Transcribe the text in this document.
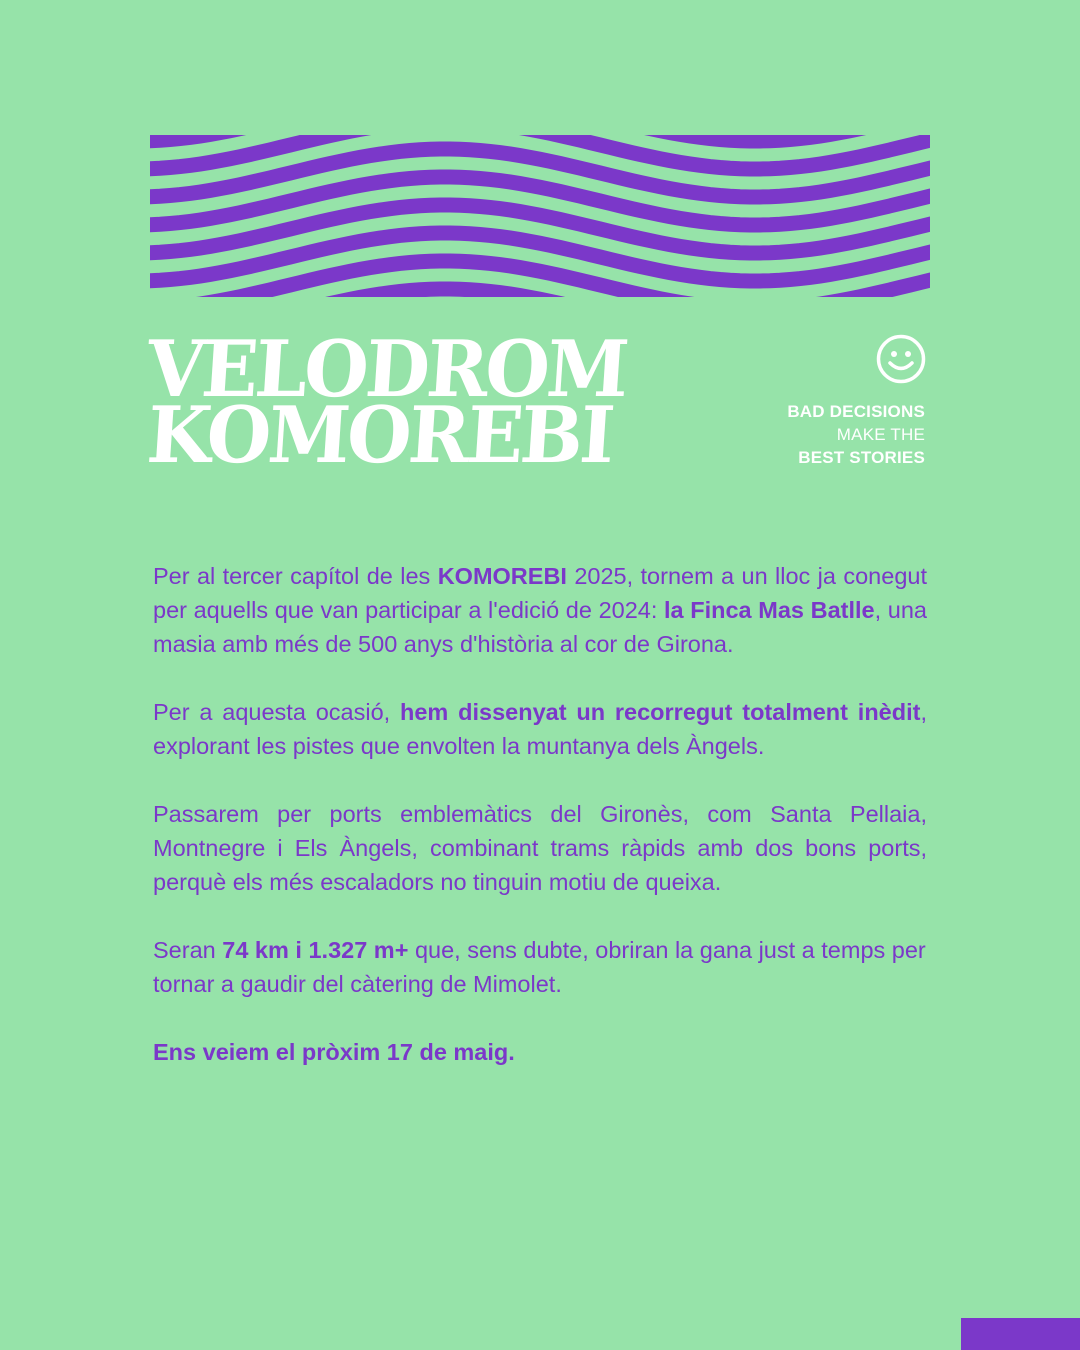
VELODROM
KOMOREBI	BAD DECISIONS
MAKE THE
BEST STORIES

Per al tercer capítol de les KOMOREBI 2025, tornem a un lloc ja conegut per aquells que van participar a l'edició de 2024: la Finca Mas Batlle, una masia amb més de 500 anys d'història al cor de Girona.

Per a aquesta ocasió, hem dissenyat un recorregut totalment inèdit, explorant les pistes que envolten la muntanya dels Àngels.

Passarem per ports emblemàtics del Gironès, com Santa Pellaia, Montnegre i Els Àngels, combinant trams ràpids amb dos bons ports, perquè els més escaladors no tinguin motiu de queixa.

Seran 74 km i 1.327 m+ que, sens dubte, obriran la gana just a temps per tornar a gaudir del càtering de Mimolet.

Ens veiem el pròxim 17 de maig.
